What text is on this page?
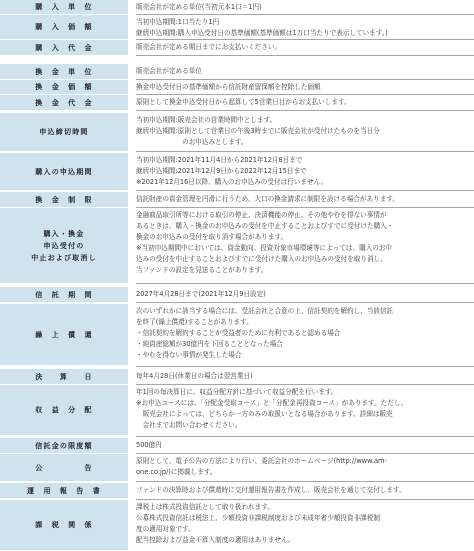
購　入　単　位	販売会社が定める単位(当初元本1口＝1円)
購　入　価　額
当初申込期間:1口当たり1円
継続申込期間:購入申込受付日の基準価額(基準価額は1万口当たりで表示しています。)
購　入　代　金	販売会社が定める期日までにお支払いください。
換　金　単　位	販売会社が定める単位
換　金　価　額	換金申込受付日の基準価額から信託財産留保額を控除した価額
換　金　代　金	原則として換金申込受付日から起算して5営業日目からお支払いします。
申込締切時間
当初申込期間:販売会社の営業時間中とします。
継続申込期間:原則として営業日の午後3時までに販売会社が受付けたものを当日分
　　　　　　　のお申込みとします。
購入の申込期間
当初申込期間:2021年11月4日から2021年12月8日まで
継続申込期間:2021年12月9日から2022年12月15日まで
※2021年12月16日以降、購入のお申込みの受付は行いません。
換　金　制　限	信託財産の資金管理を円滑に行うため、大口の換金請求に制限を設ける場合があります。
購入・換金
申込受付の
中止および取消し
金融商品取引所等における取引の停止、決済機能の停止、その他やむを得ない事情が
あるときは、購入・換金のお申込みの受付を中止することおよびすでに受付けた購入・
換金のお申込みの受付を取り消す場合があります。
※当初申込期間中においては、資金動向、投資対象市場環境等によっては、購入のお申
込みの受付を中止することおよびすでに受付けた購入のお申込みの受付を取り消し、
当ファンドの設定を見送ることがあります。
信　託　期　間	2027年4月28日まで(2021年12月9日設定)
繰　上　償　還
次のいずれかに該当する場合には、受託会社と合意の上、信託契約を解約し、当該信託
を終了(繰上償還)することがあります。
・信託契約を解約することが受益者のために有利であると認める場合
・純資産総額が30億円を下回ることとなった場合
・やむを得ない事情が発生した場合
決　　算　　日	毎年4月28日(休業日の場合は翌営業日)
収　益　分　配
年1回の毎決算日に、収益分配方針に基づいて収益分配を行います。
※お申込コースには、「分配金受取コース」と「分配金再投資コース」があります。ただし、
　販売会社によっては、どちらか一方のみの取扱いとなる場合があります。詳細は販売
　会社までお問い合わせください。
信託金の限度額	500億円
公　　　　　告
原則として、電子公告の方法により行い、委託会社のホームページ(http://www.am-
one.co.jp/)に掲載します。
運　用　報　告　書	ファンドの決算時および償還時に交付運用報告書を作成し、販売会社を通じて交付します。
課　税　関　係
課税上は株式投資信託として取り扱われます。
公募株式投資信託は税法上、少額投資非課税制度および未成年者少額投資非課税制
度の適用対象です。
配当控除および益金不算入制度の適用はありません。
